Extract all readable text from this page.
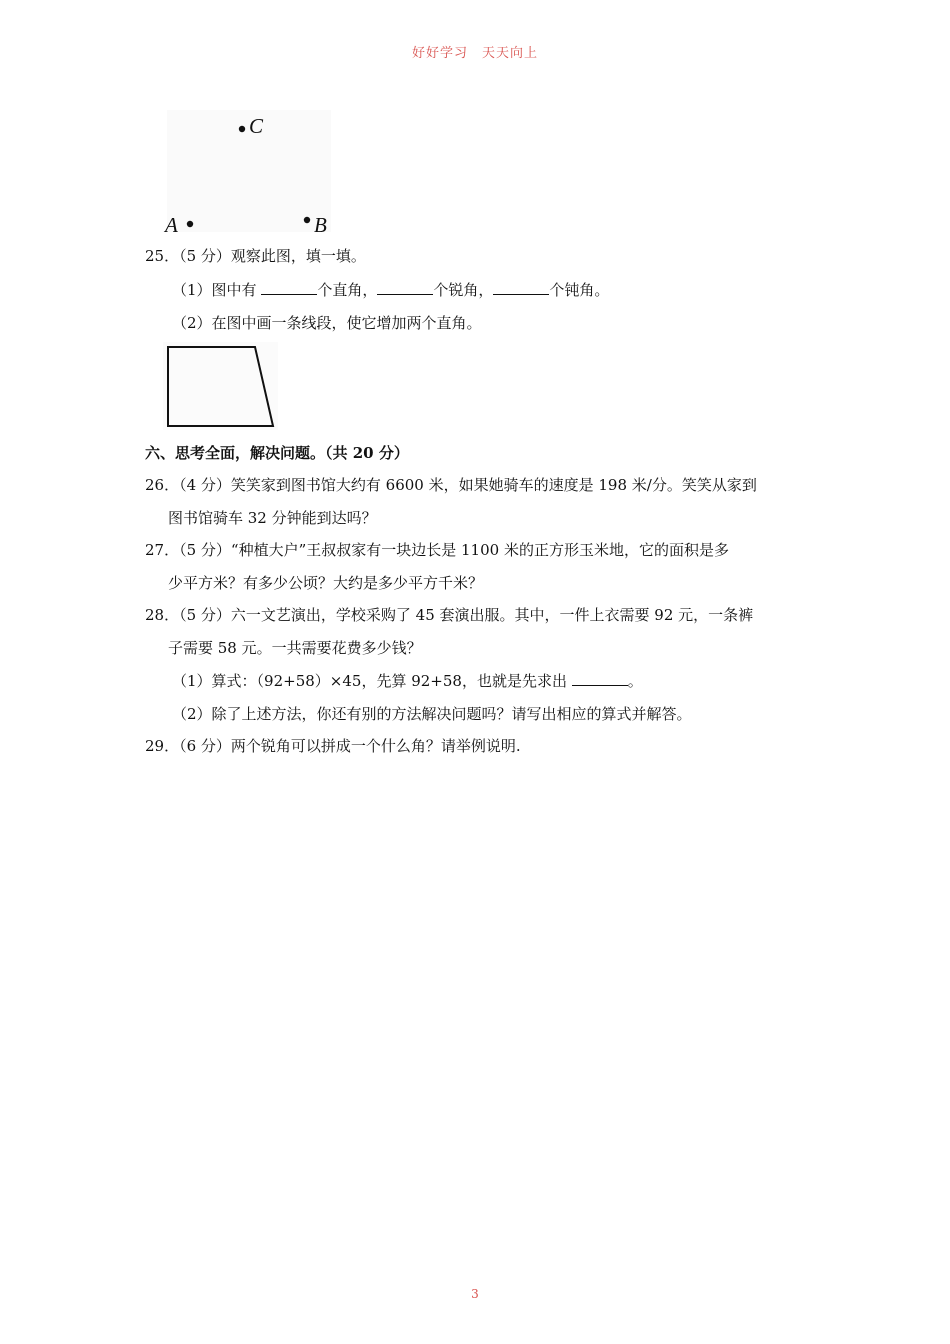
好好学习　天天向上
C
A	B
25．（5 分）观察此图，填一填。
（1）图中有	个直角，	个锐角，	个钝角。
（2）在图中画一条线段，使它增加两个直角。
六、思考全面，解决问题。（共 20 分）
26．（4 分）笑笑家到图书馆大约有 6600 米，如果她骑车的速度是 198 米/分。笑笑从家到
图书馆骑车 32 分钟能到达吗？
27．（5 分）“种植大户”王叔叔家有一块边长是 1100 米的正方形玉米地，它的面积是多
少平方米？有多少公顷？大约是多少平方千米？
28．（5 分）六一文艺演出，学校采购了 45 套演出服。其中，一件上衣需要 92 元，一条裤
子需要 58 元。一共需要花费多少钱？
（1）算式：（92+58）×45，先算 92+58，也就是先求出	。
（2）除了上述方法，你还有别的方法解决问题吗？请写出相应的算式并解答。
29．（6 分）两个锐角可以拼成一个什么角？请举例说明.
3
